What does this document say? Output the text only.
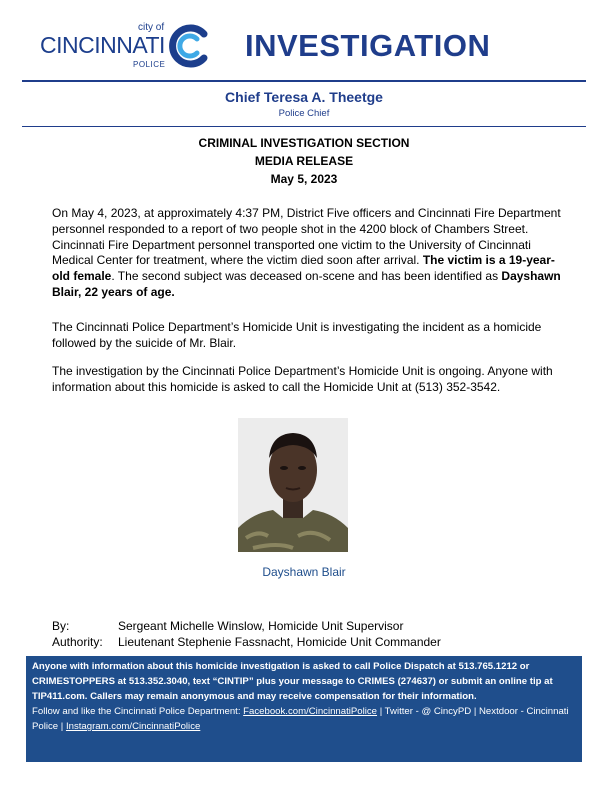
city of
CINCINNATI
POLICE
INVESTIGATION
Chief Teresa A. Theetge
Police Chief
CRIMINAL INVESTIGATION SECTION
MEDIA RELEASE
May 5, 2023
On May 4, 2023, at approximately 4:37 PM, District Five officers and Cincinnati Fire Department personnel responded to a report of two people shot in the 4200 block of Chambers Street. Cincinnati Fire Department personnel transported one victim to the University of Cincinnati Medical Center for treatment, where the victim died soon after arrival. The victim is a 19-year-old female. The second subject was deceased on-scene and has been identified as Dayshawn Blair, 22 years of age.
The Cincinnati Police Department’s Homicide Unit is investigating the incident as a homicide followed by the suicide of Mr. Blair.
The investigation by the Cincinnati Police Department’s Homicide Unit is ongoing. Anyone with information about this homicide is asked to call the Homicide Unit at (513) 352-3542.
Dayshawn Blair
By:	Sergeant Michelle Winslow, Homicide Unit Supervisor
Authority:	Lieutenant Stephenie Fassnacht, Homicide Unit Commander
Anyone with information about this homicide investigation is asked to call Police Dispatch at 513.765.1212 or CRIMESTOPPERS at 513.352.3040, text “CINTIP” plus your message to CRIMES (274637) or submit an online tip at TIP411.com. Callers may remain anonymous and may receive compensation for their information.
Follow and like the Cincinnati Police Department: Facebook.com/CincinnatiPolice | Twitter - @ CincyPD | Nextdoor - Cincinnati Police | Instagram.com/CincinnatiPolice
